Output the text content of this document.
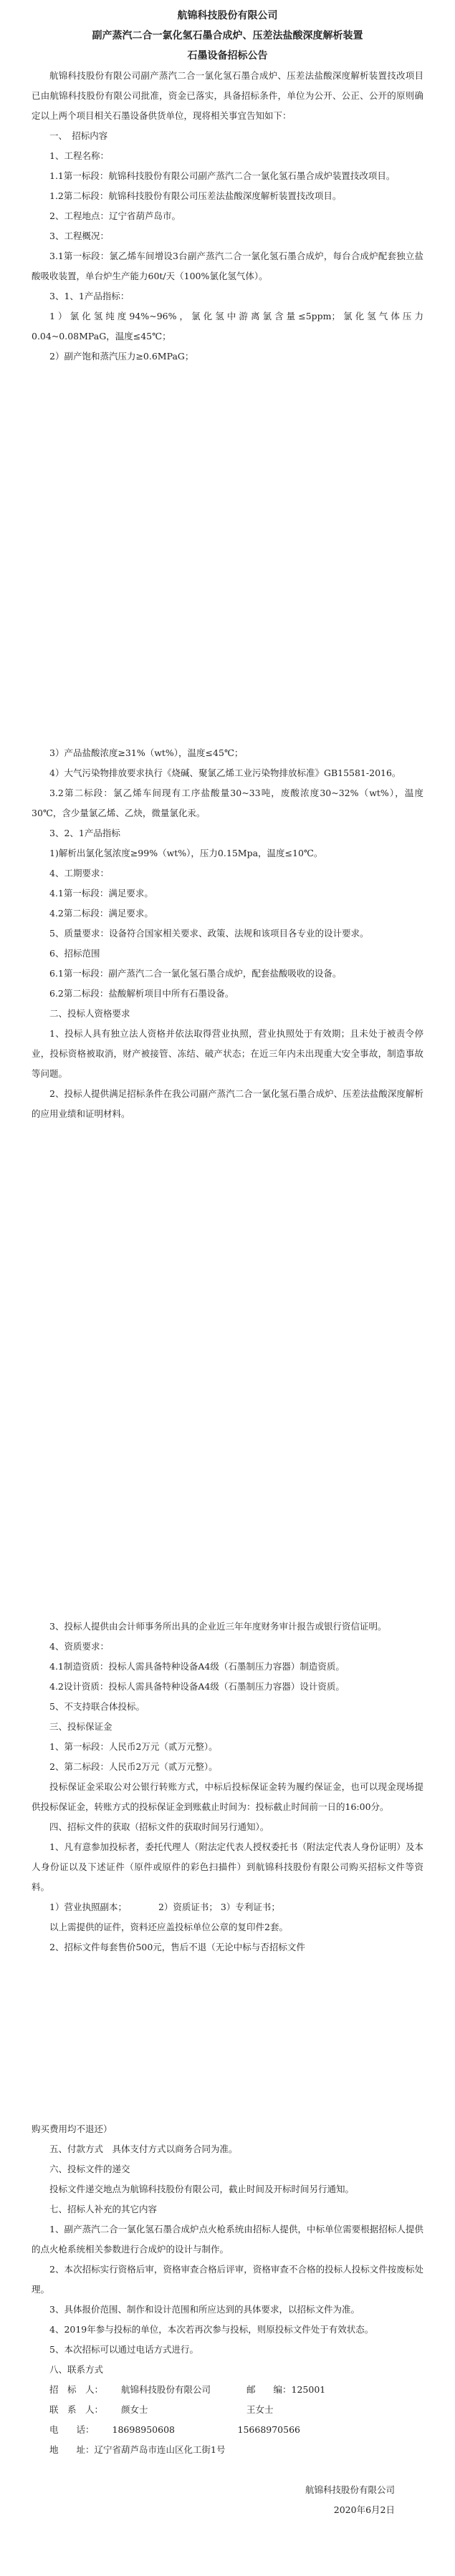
航锦科技股份有限公司
副产蒸汽二合一氯化氢石墨合成炉、压差法盐酸深度解析装置
石墨设备招标公告

航锦科技股份有限公司副产蒸汽二合一氯化氢石墨合成炉、压差法盐酸深度解析装置技改项目已由航锦科技股份有限公司批准，资金已落实，具备招标条件，单位为公开、公正、公开的原则确定以上两个项目相关石墨设备供货单位，现将相关事宜告知如下：

一、　招标内容

1、工程名称：

1.1第一标段：航锦科技股份有限公司副产蒸汽二合一氯化氢石墨合成炉装置技改项目。

1.2第二标段：航锦科技股份有限公司压差法盐酸深度解析装置技改项目。

2、工程地点：辽宁省葫芦岛市。

3、工程概况：

3.1第一标段：氯乙烯车间增设3台副产蒸汽二合一氯化氢石墨合成炉，每台合成炉配套独立盐酸吸收装置，单台炉生产能力60t/天（100%氯化氢气体）。

3、1、1产品指标：

1）氯化氢纯度94%~96%，氯化氢中游离氯含量≤5ppm；氯化氢气体压力0.04~0.08MPaG，温度≤45℃；

2）副产饱和蒸汽压力≥0.6MPaG；

3）产品盐酸浓度≥31%（wt%），温度≤45℃；

4）大气污染物排放要求执行《烧碱、聚氯乙烯工业污染物排放标准》GB15581-2016。

3.2第二标段：氯乙烯车间现有工序盐酸量30~33吨，废酸浓度30~32%（wt%），温度30℃，含少量氯乙烯、乙炔，微量氯化汞。

3、2、1产品指标

1)解析出氯化氢浓度≥99%（wt%），压力0.15Mpa，温度≤10℃。

4、工期要求：

4.1第一标段：满足要求。

4.2第二标段：满足要求。

5、质量要求：设备符合国家相关要求、政策、法规和该项目各专业的设计要求。

6、招标范围

6.1第一标段：副产蒸汽二合一氯化氢石墨合成炉，配套盐酸吸收的设备。

6.2第二标段：盐酸解析项目中所有石墨设备。

二、投标人资格要求

1、投标人具有独立法人资格并依法取得营业执照，营业执照处于有效期；且未处于被责令停业，投标资格被取消，财产被接管、冻结、破产状态；在近三年内未出现重大安全事故，制造事故等问题。

2、投标人提供满足招标条件在我公司副产蒸汽二合一氯化氢石墨合成炉、压差法盐酸深度解析的应用业绩和证明材料。

3、投标人提供由会计师事务所出具的企业近三年年度财务审计报告或银行资信证明。

4、资质要求：

4.1制造资质：投标人需具备特种设备A4级（石墨制压力容器）制造资质。

4.2设计资质：投标人需具备特种设备A4级（石墨制压力容器）设计资质。

5、不支持联合体投标。

三、投标保证金

1、第一标段：人民币2万元（贰万元整）。

2、第二标段：人民币2万元（贰万元整）。

投标保证金采取公对公银行转账方式，中标后投标保证金转为履约保证金，也可以现金现场提供投标保证金，转账方式的投标保证金到账截止时间为：投标截止时间前一日的16:00分。

四、招标文件的获取（招标文件的获取时间另行通知）。

1、凡有意参加投标者，委托代理人（附法定代表人授权委托书（附法定代表人身份证明）及本人身份证以及下述证件（原件或原件的彩色扫描件）到航锦科技股份有限公司购买招标文件等资料。

1）营业执照副本；	2）资质证书； 3）专利证书；

以上需提供的证件，资料还应盖投标单位公章的复印件2套。

2、招标文件每套售价500元，售后不退（无论中标与否招标文件

购买费用均不退还）

五、付款方式　具体支付方式以商务合同为准。

六、投标文件的递交

投标文件递交地点为航锦科技股份有限公司，截止时间及开标时间另行通知。

七、招标人补充的其它内容

1、副产蒸汽二合一氯化氢石墨合成炉点火枪系统由招标人提供，中标单位需要根据招标人提供的点火枪系统相关参数进行合成炉的设计与制作。

2、本次招标实行资格后审，资格审查合格后评审，资格审查不合格的投标人投标文件按废标处理。

3、具体报价范围、制作和设计范围和所应达到的具体要求，以招标文件为准。

4、2019年参与投标的单位，本次若再次参与投标，则原投标文件处于有效状态。

5、本次招标可以通过电话方式进行。

八、联系方式

招　标　人： 航锦科技股份有限公司	邮　　编：125001

联　系　人： 颜女士	王女士

电　　话： 18698950608	15668970566

地　　址：辽宁省葫芦岛市连山区化工街1号

航锦科技股份有限公司

2020年6月2日
